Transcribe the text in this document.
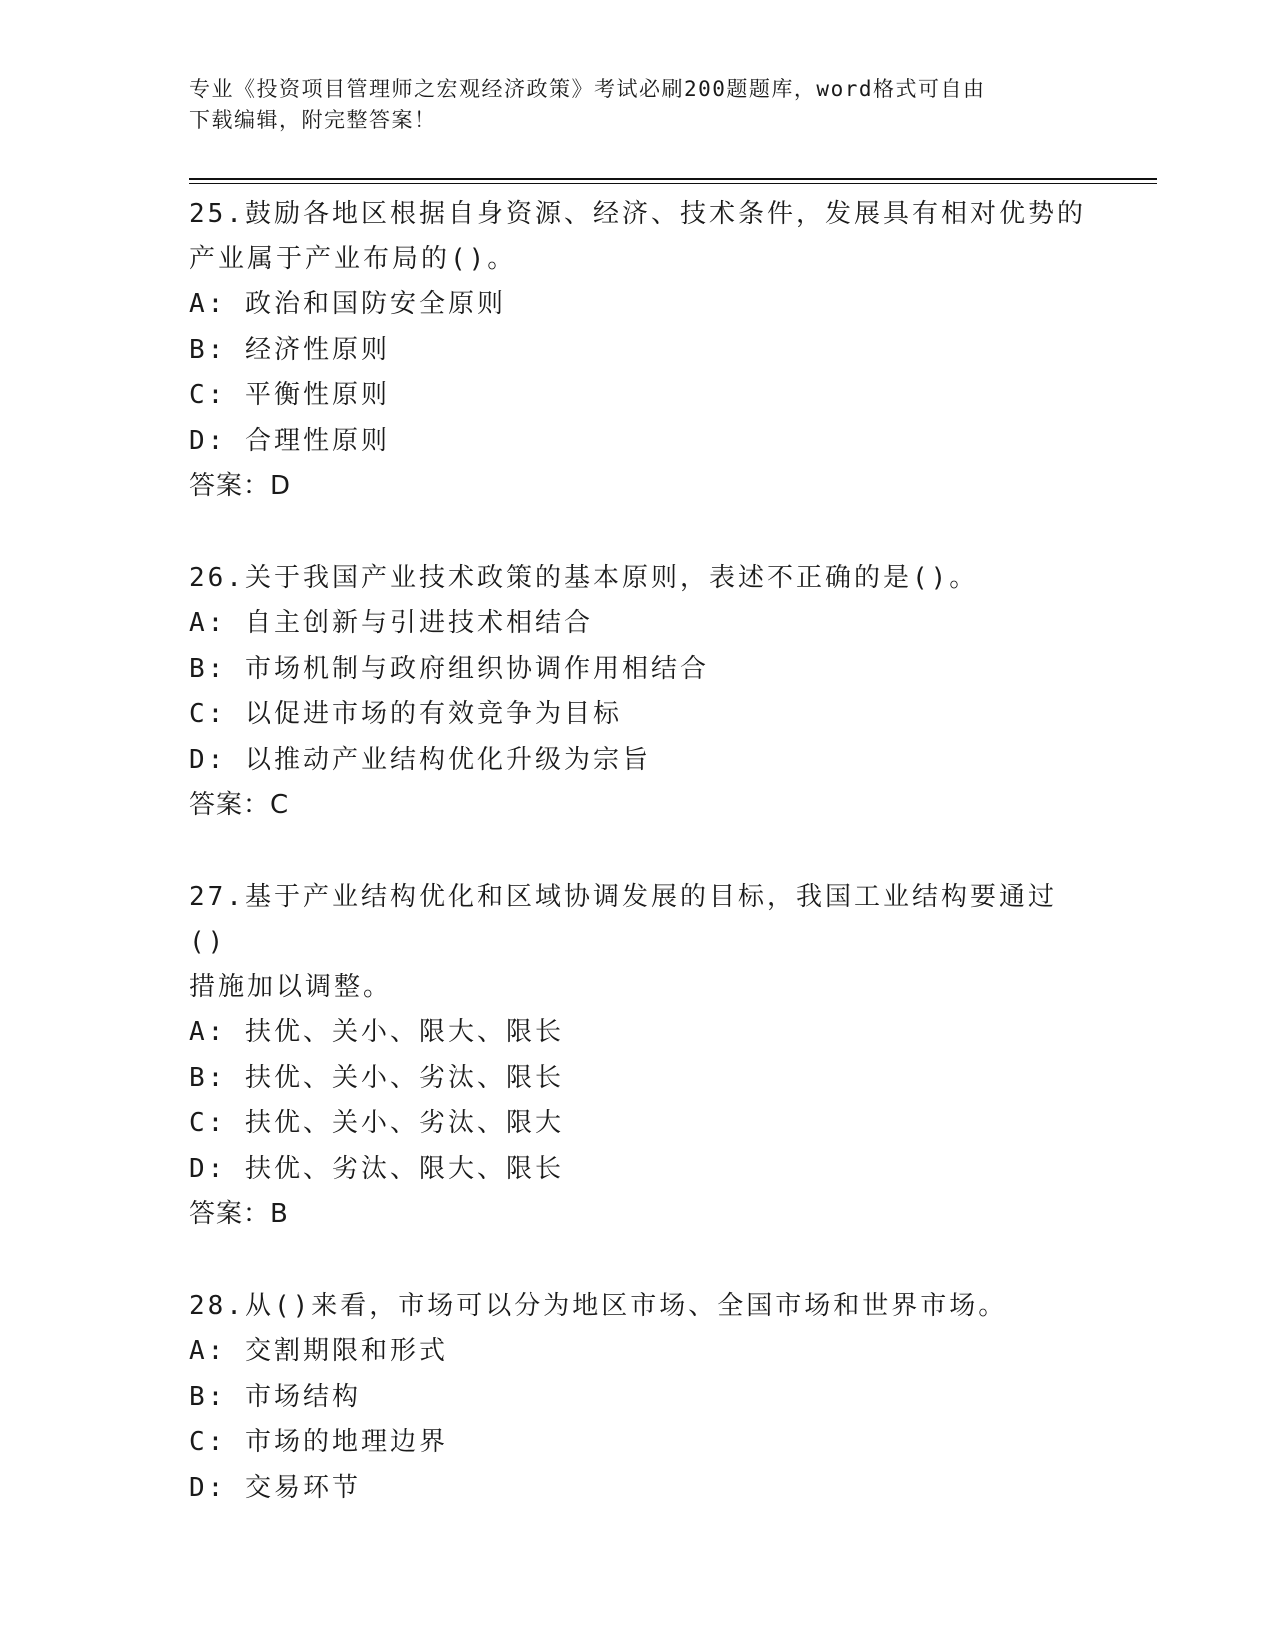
专业《投资项目管理师之宏观经济政策》考试必刷200题题库，word格式可自由
下载编辑，附完整答案！
25.鼓励各地区根据自身资源、经济、技术条件，发展具有相对优势的
产业属于产业布局的()。
A: 政治和国防安全原则
B: 经济性原则
C: 平衡性原则
D: 合理性原则
答案：D
26.关于我国产业技术政策的基本原则，表述不正确的是()。
A: 自主创新与引进技术相结合
B: 市场机制与政府组织协调作用相结合
C: 以促进市场的有效竞争为目标
D: 以推动产业结构优化升级为宗旨
答案：C
27.基于产业结构优化和区域协调发展的目标，我国工业结构要通过()
措施加以调整。
A: 扶优、关小、限大、限长
B: 扶优、关小、劣汰、限长
C: 扶优、关小、劣汰、限大
D: 扶优、劣汰、限大、限长
答案：B
28.从()来看，市场可以分为地区市场、全国市场和世界市场。
A: 交割期限和形式
B: 市场结构
C: 市场的地理边界
D: 交易环节
